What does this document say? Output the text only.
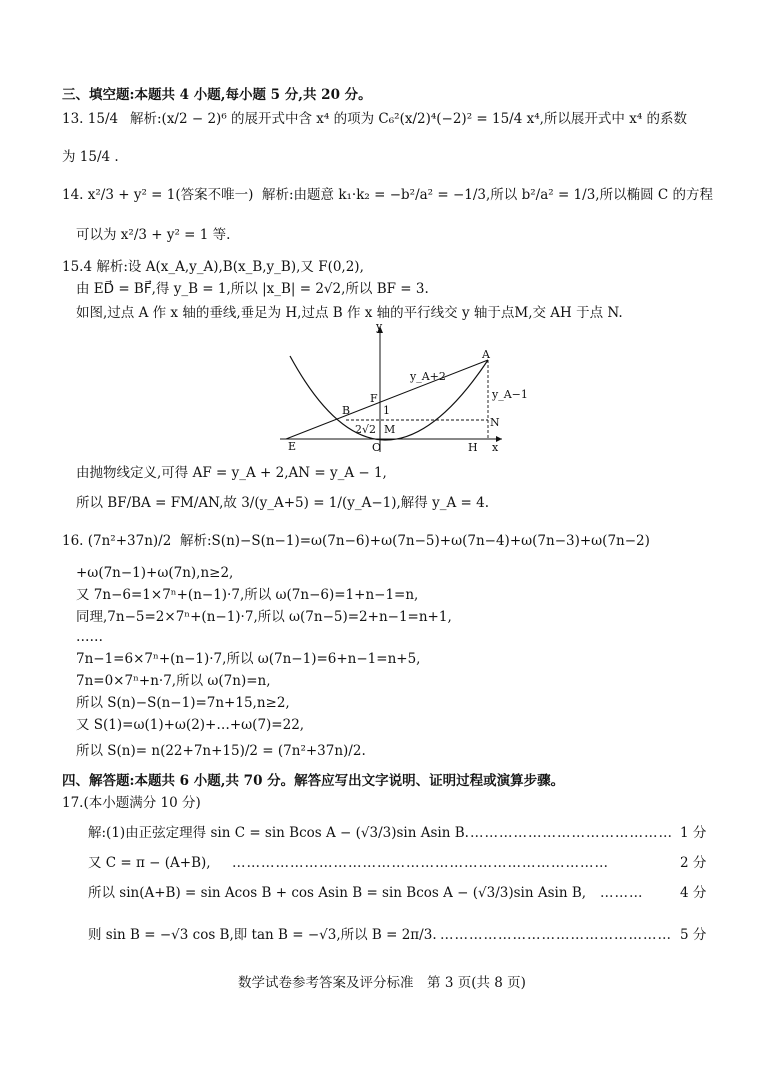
三、填空题:本题共 4 小题,每小题 5 分,共 20 分。
13. 15/4 解析:(x/2 − 2)⁶ 的展开式中含 x⁴ 的项为 C₆²(x/2)⁴(−2)² = 15/4 x⁴,所以展开式中 x⁴ 的系数
为 15/4 .
14. x²/3 + y² = 1(答案不唯一) 解析:由题意 k₁·k₂ = −b²/a² = −1/3,所以 b²/a² = 1/3,所以椭圆 C 的方程
可以为 x²/3 + y² = 1 等.
15.4 解析:设 A(x_A,y_A),B(x_B,y_B),又 F(0,2),
由 ED⃗ = BF⃗,得 y_B = 1,所以 |x_B| = 2√2,所以 BF = 3.
如图,过点 A 作 x 轴的垂线,垂足为 H,过点 B 作 x 轴的平行线交 y 轴于点M,交 AH 于点 N.
y
x
A
B
E
F
O
M
N
H
1
2√2
y_A+2
y_A−1
由抛物线定义,可得 AF = y_A + 2,AN = y_A − 1,
所以 BF/BA = FM/AN,故 3/(y_A+5) = 1/(y_A−1),解得 y_A = 4.
16. (7n²+37n)/2 解析:S(n)−S(n−1)=ω(7n−6)+ω(7n−5)+ω(7n−4)+ω(7n−3)+ω(7n−2)
+ω(7n−1)+ω(7n),n≥2,
又 7n−6=1×7ⁿ+(n−1)·7,所以 ω(7n−6)=1+n−1=n,
同理,7n−5=2×7ⁿ+(n−1)·7,所以 ω(7n−5)=2+n−1=n+1,
……
7n−1=6×7ⁿ+(n−1)·7,所以 ω(7n−1)=6+n−1=n+5,
7n=0×7ⁿ+n·7,所以 ω(7n)=n,
所以 S(n)−S(n−1)=7n+15,n≥2,
又 S(1)=ω(1)+ω(2)+…+ω(7)=22,
所以 S(n)= n(22+7n+15)/2 = (7n²+37n)/2.
四、解答题:本题共 6 小题,共 70 分。解答应写出文字说明、证明过程或演算步骤。
17.(本小题满分 10 分)
解:(1)由正弦定理得 sin C = sin Bcos A − (√3/3)sin Asin B. …………………………………… 1 分
又 C = π − (A+B), ……………………………………………………………………	2 分
所以 sin(A+B) = sin Acos B + cos Asin B = sin Bcos A − (√3/3)sin Asin B, ………	4 分
则 sin B = −√3 cos B,即 tan B = −√3,所以 B = 2π/3. ………………………………………… 5 分
数学试卷参考答案及评分标准　第 3 页(共 8 页)
